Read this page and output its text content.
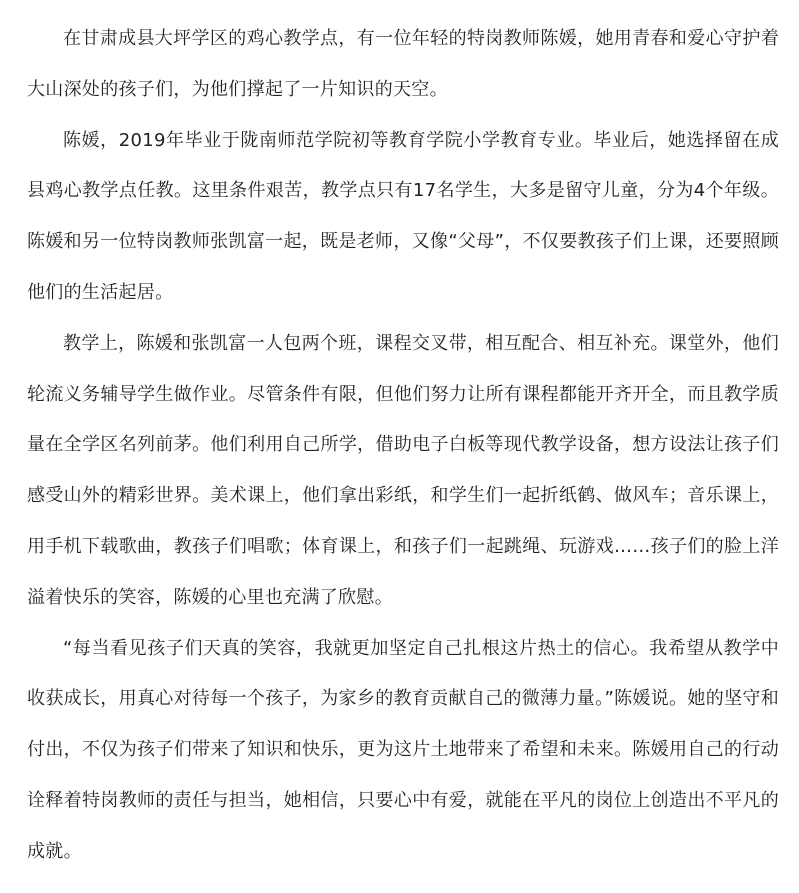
在甘肃成县大坪学区的鸡心教学点，有一位年轻的特岗教师陈媛，她用青春和爱心守护着大山深处的孩子们，为他们撑起了一片知识的天空。

陈媛，2019年毕业于陇南师范学院初等教育学院小学教育专业。毕业后，她选择留在成县鸡心教学点任教。这里条件艰苦，教学点只有17名学生，大多是留守儿童，分为4个年级。陈媛和另一位特岗教师张凯富一起，既是老师，又像“父母”，不仅要教孩子们上课，还要照顾他们的生活起居。

教学上，陈媛和张凯富一人包两个班，课程交叉带，相互配合、相互补充。课堂外，他们轮流义务辅导学生做作业。尽管条件有限，但他们努力让所有课程都能开齐开全，而且教学质量在全学区名列前茅。他们利用自己所学，借助电子白板等现代教学设备，想方设法让孩子们感受山外的精彩世界。美术课上，他们拿出彩纸，和学生们一起折纸鹤、做风车；音乐课上，用手机下载歌曲，教孩子们唱歌；体育课上，和孩子们一起跳绳、玩游戏……孩子们的脸上洋溢着快乐的笑容，陈媛的心里也充满了欣慰。

“每当看见孩子们天真的笑容，我就更加坚定自己扎根这片热土的信心。我希望从教学中收获成长，用真心对待每一个孩子，为家乡的教育贡献自己的微薄力量。”陈媛说。她的坚守和付出，不仅为孩子们带来了知识和快乐，更为这片土地带来了希望和未来。陈媛用自己的行动诠释着特岗教师的责任与担当，她相信，只要心中有爱，就能在平凡的岗位上创造出不平凡的成就。
